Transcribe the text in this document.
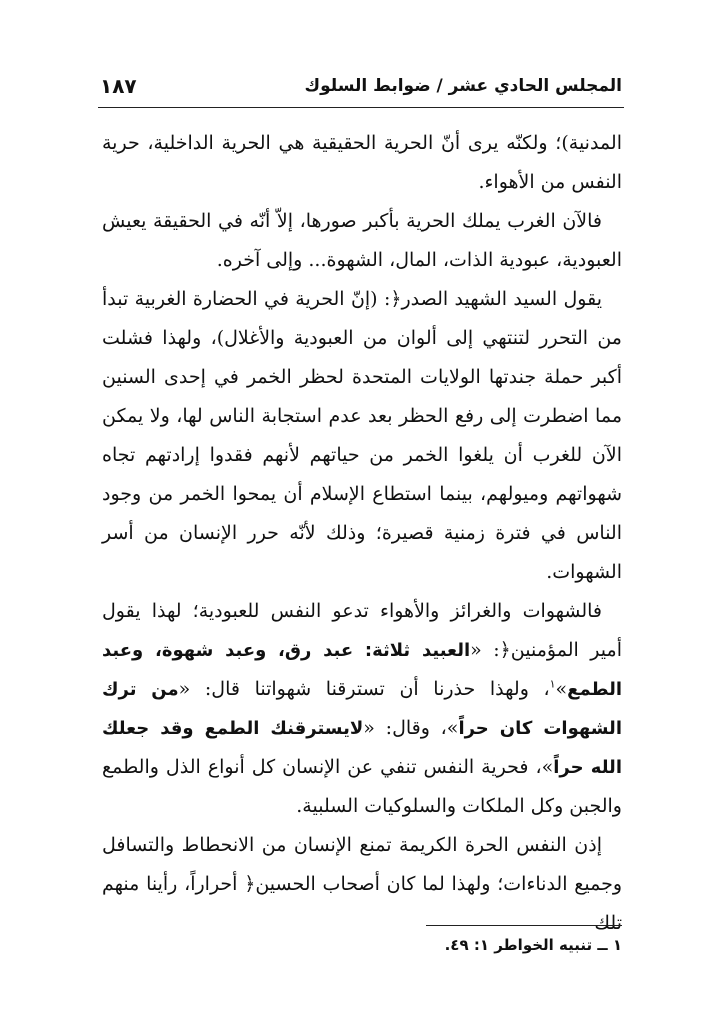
المجلس الحادي عشر / ضوابط السلوك
١٨٧

المدنية)؛ ولكنّه يرى أنّ الحرية الحقيقية هي الحرية الداخلية، حرية النفس من الأهواء.

فالآن الغرب يملك الحرية بأكبر صورها، إلاّ أنّه في الحقيقة يعيش العبودية، عبودية الذات، المال، الشهوة... وإلى آخره.

يقول السيد الشهيد الصدر﴿: (إنّ الحرية في الحضارة الغربية تبدأ من التحرر لتنتهي إلى ألوان من العبودية والأغلال)، ولهذا فشلت أكبر حملة جندتها الولايات المتحدة لحظر الخمر في إحدى السنين مما اضطرت إلى رفع الحظر بعد عدم استجابة الناس لها، ولا يمكن الآن للغرب أن يلغوا الخمر من حياتهم لأنهم فقدوا إرادتهم تجاه شهواتهم وميولهم، بينما استطاع الإسلام أن يمحوا الخمر من وجود الناس في فترة زمنية قصيرة؛ وذلك لأنّه حرر الإنسان من أسر الشهوات.

فالشهوات والغرائز والأهواء تدعو النفس للعبودية؛ لهذا يقول أمير المؤمنين﴿: «العبيد ثلاثة: عبد رق، وعبد شهوة، وعبد الطمع»$^١$، ولهذا حذرنا أن تسترقنا شهواتنا قال: «من ترك الشهوات كان حراً»، وقال: «لايسترقنك الطمع وقد جعلك الله حراً»، فحرية النفس تنفي عن الإنسان كل أنواع الذل والطمع والجبن وكل الملكات والسلوكيات السلبية.

إذن النفس الحرة الكريمة تمنع الإنسان من الانحطاط والتسافل وجميع الدناءات؛ ولهذا لما كان أصحاب الحسين﴿ أحراراً، رأينا منهم تلك

١ ــ تنبيه الخواطر ١: ٤٩.
